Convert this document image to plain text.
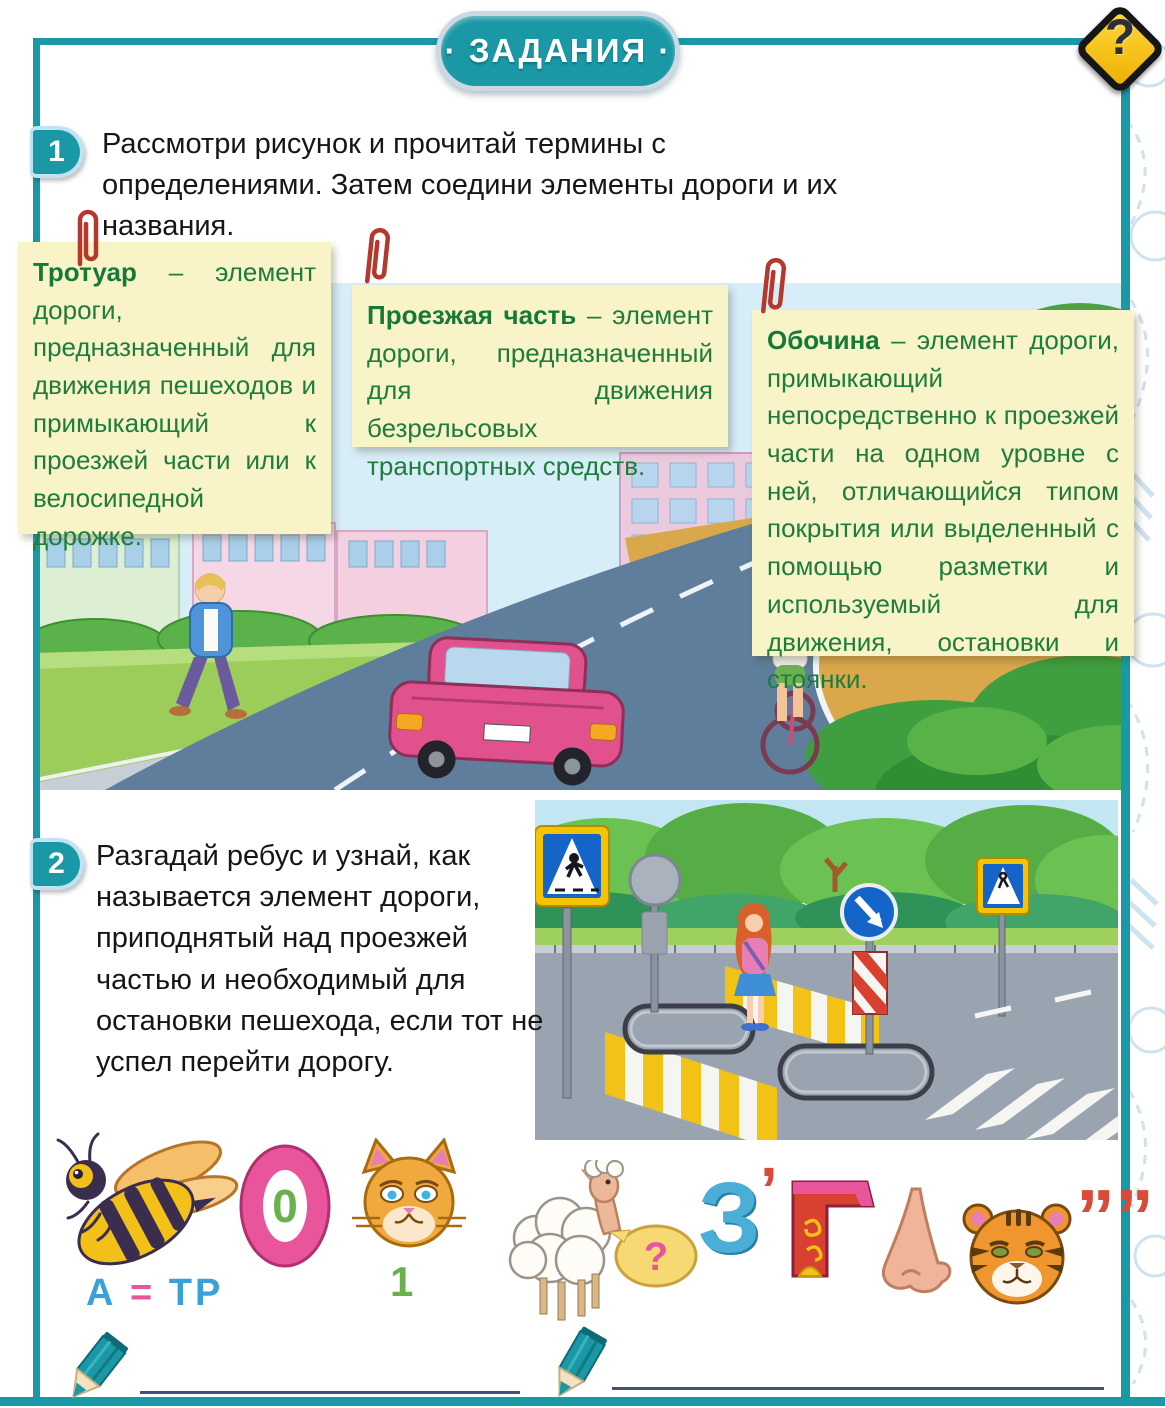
· ЗАДАНИЯ ·	?
1 Рассмотри рисунок и прочитай термины с определениями. Затем соедини элементы дороги и их названия.
Тротуар – элемент дороги, предназначенный для движения пешеходов и примыкающий к проезжей части или к велосипедной дорожке.
Проезжая часть – элемент дороги, предназначенный для движения безрельсовых транспортных средств.
Обочина – элемент дороги, примыкающий непосредственно к проезжей части на одном уровне с ней, отличающийся типом покрытия или выделенный с помощью разметки и используемый для движения, остановки и стоянки.
2 Разгадай ребус и узнай, как называется элемент дороги, приподнятый над проезжей частью и необходимый для остановки пешехода, если тот не успел перейти дорогу.
А = ТР
0
1
? З ’	””
